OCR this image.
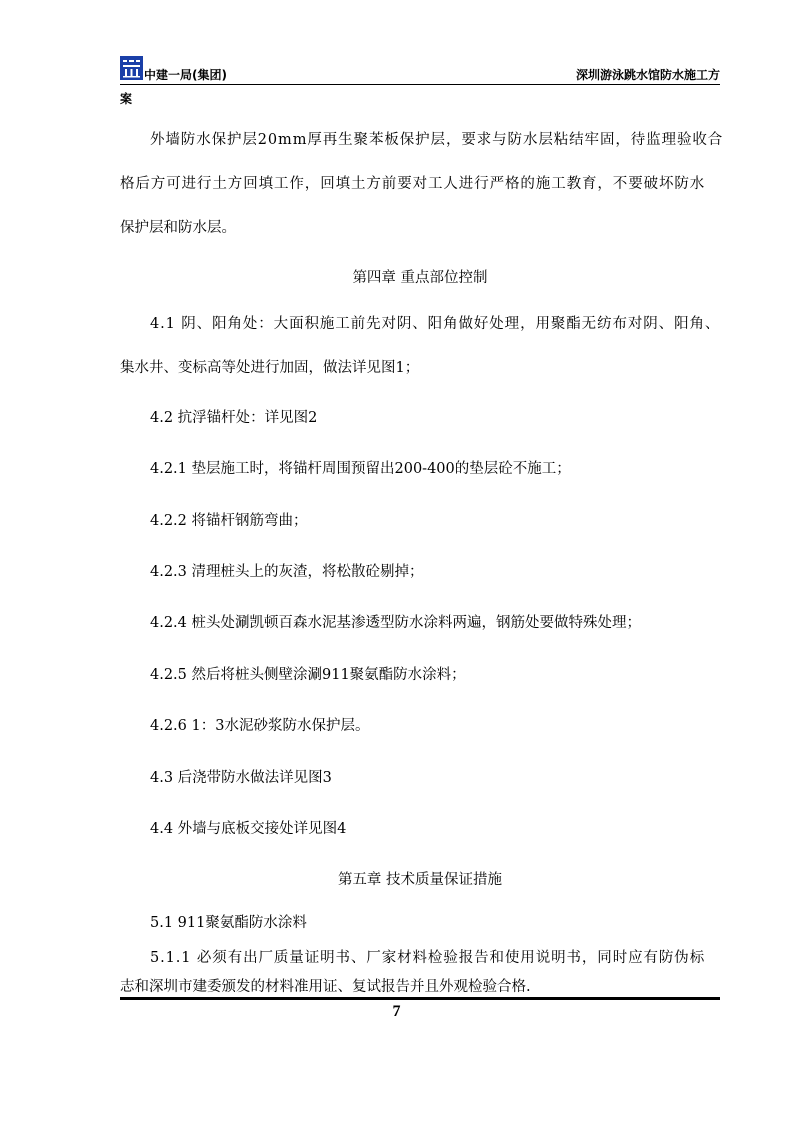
中建一局(集团)	深圳游泳跳水馆防水施工方
案
外墙防水保护层20mm厚再生聚苯板保护层，要求与防水层粘结牢固，待监理验收合
格后方可进行土方回填工作，回填土方前要对工人进行严格的施工教育，不要破坏防水
保护层和防水层。
第四章 重点部位控制
4.1 阴、阳角处：大面积施工前先对阴、阳角做好处理，用聚酯无纺布对阴、阳角、
集水井、变标高等处进行加固，做法详见图1；
4.2 抗浮锚杆处：详见图2
4.2.1 垫层施工时，将锚杆周围预留出200-400的垫层砼不施工；
4.2.2 将锚杆钢筋弯曲；
4.2.3 清理桩头上的灰渣，将松散砼剔掉；
4.2.4 桩头处涮凯顿百森水泥基渗透型防水涂料两遍，钢筋处要做特殊处理；
4.2.5 然后将桩头侧壁涂涮911聚氨酯防水涂料；
4.2.6 1：3水泥砂浆防水保护层。
4.3 后浇带防水做法详见图3
4.4 外墙与底板交接处详见图4
第五章 技术质量保证措施
5.1 911聚氨酯防水涂料
5.1.1 必须有出厂质量证明书、厂家材料检验报告和使用说明书，同时应有防伪标
志和深圳市建委颁发的材料准用证、复试报告并且外观检验合格.
7
